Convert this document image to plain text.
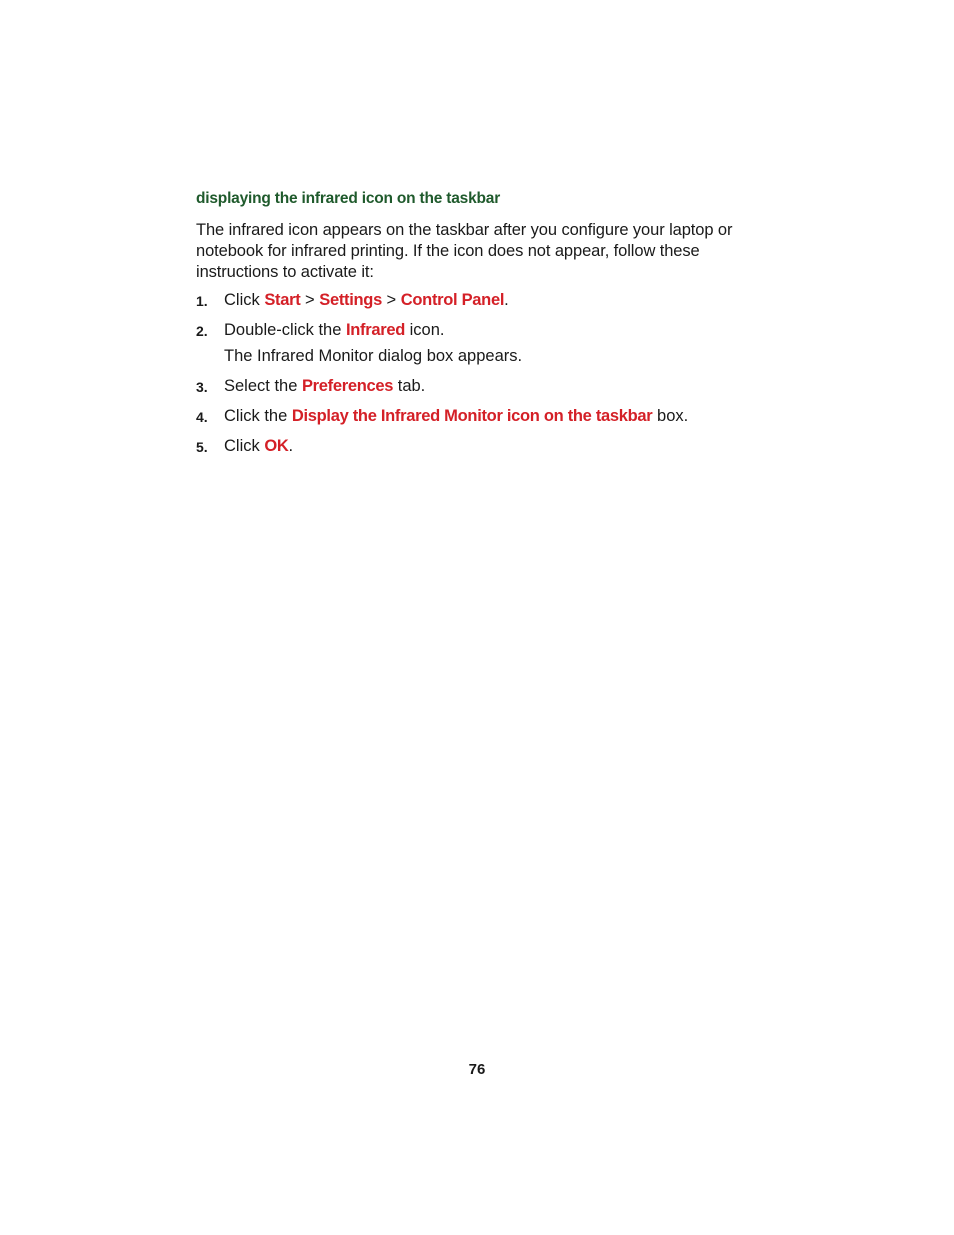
displaying the infrared icon on the taskbar
The infrared icon appears on the taskbar after you configure your laptop or notebook for infrared printing. If the icon does not appear, follow these instructions to activate it:
1. Click Start > Settings > Control Panel.
2. Double-click the Infrared icon.
The Infrared Monitor dialog box appears.
3. Select the Preferences tab.
4. Click the Display the Infrared Monitor icon on the taskbar box.
5. Click OK.
76
